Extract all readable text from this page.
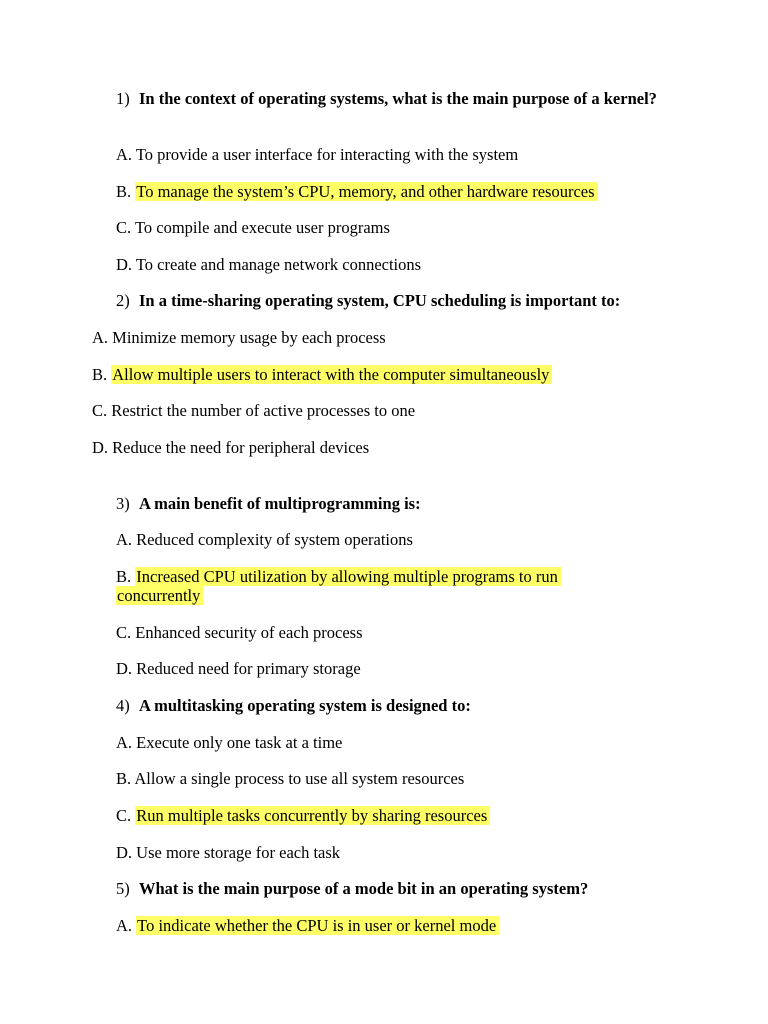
1) In the context of operating systems, what is the main purpose of a kernel?
A. To provide a user interface for interacting with the system
B. To manage the system’s CPU, memory, and other hardware resources
C. To compile and execute user programs
D. To create and manage network connections
2) In a time-sharing operating system, CPU scheduling is important to:
A. Minimize memory usage by each process
B. Allow multiple users to interact with the computer simultaneously
C. Restrict the number of active processes to one
D. Reduce the need for peripheral devices
3) A main benefit of multiprogramming is:
A. Reduced complexity of system operations
B. Increased CPU utilization by allowing multiple programs to run
concurrently
C. Enhanced security of each process
D. Reduced need for primary storage
4) A multitasking operating system is designed to:
A. Execute only one task at a time
B. Allow a single process to use all system resources
C. Run multiple tasks concurrently by sharing resources
D. Use more storage for each task
5) What is the main purpose of a mode bit in an operating system?
A. To indicate whether the CPU is in user or kernel mode
